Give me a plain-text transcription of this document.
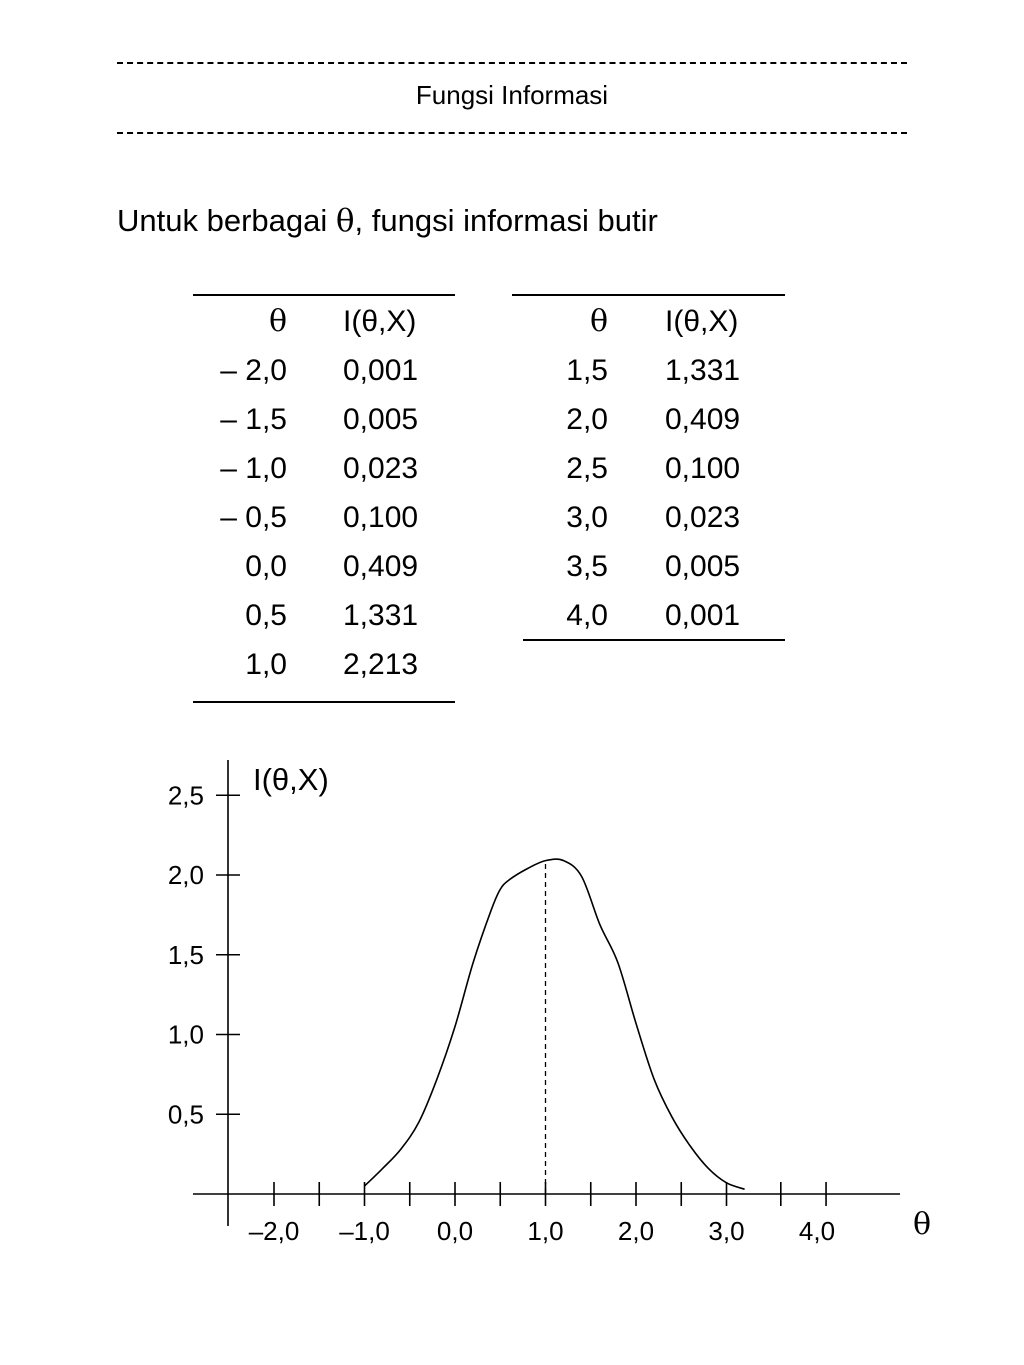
Fungsi Informasi
Untuk berbagai θ, fungsi informasi butir
θ I(θ,X)
– 2,0 0,001
– 1,5 0,005
– 1,0 0,023
– 0,5 0,100
0,0 0,409
0,5 1,331
1,0 2,213
θ I(θ,X)
1,5 1,331
2,0 0,409
2,5 0,100
3,0 0,023
3,5 0,005
4,0 0,001
0,5
1,0
1,5
2,0
2,5
–2,0 –1,0 0,0 1,0 2,0 3,0 4,0
I(θ,X)
θ
